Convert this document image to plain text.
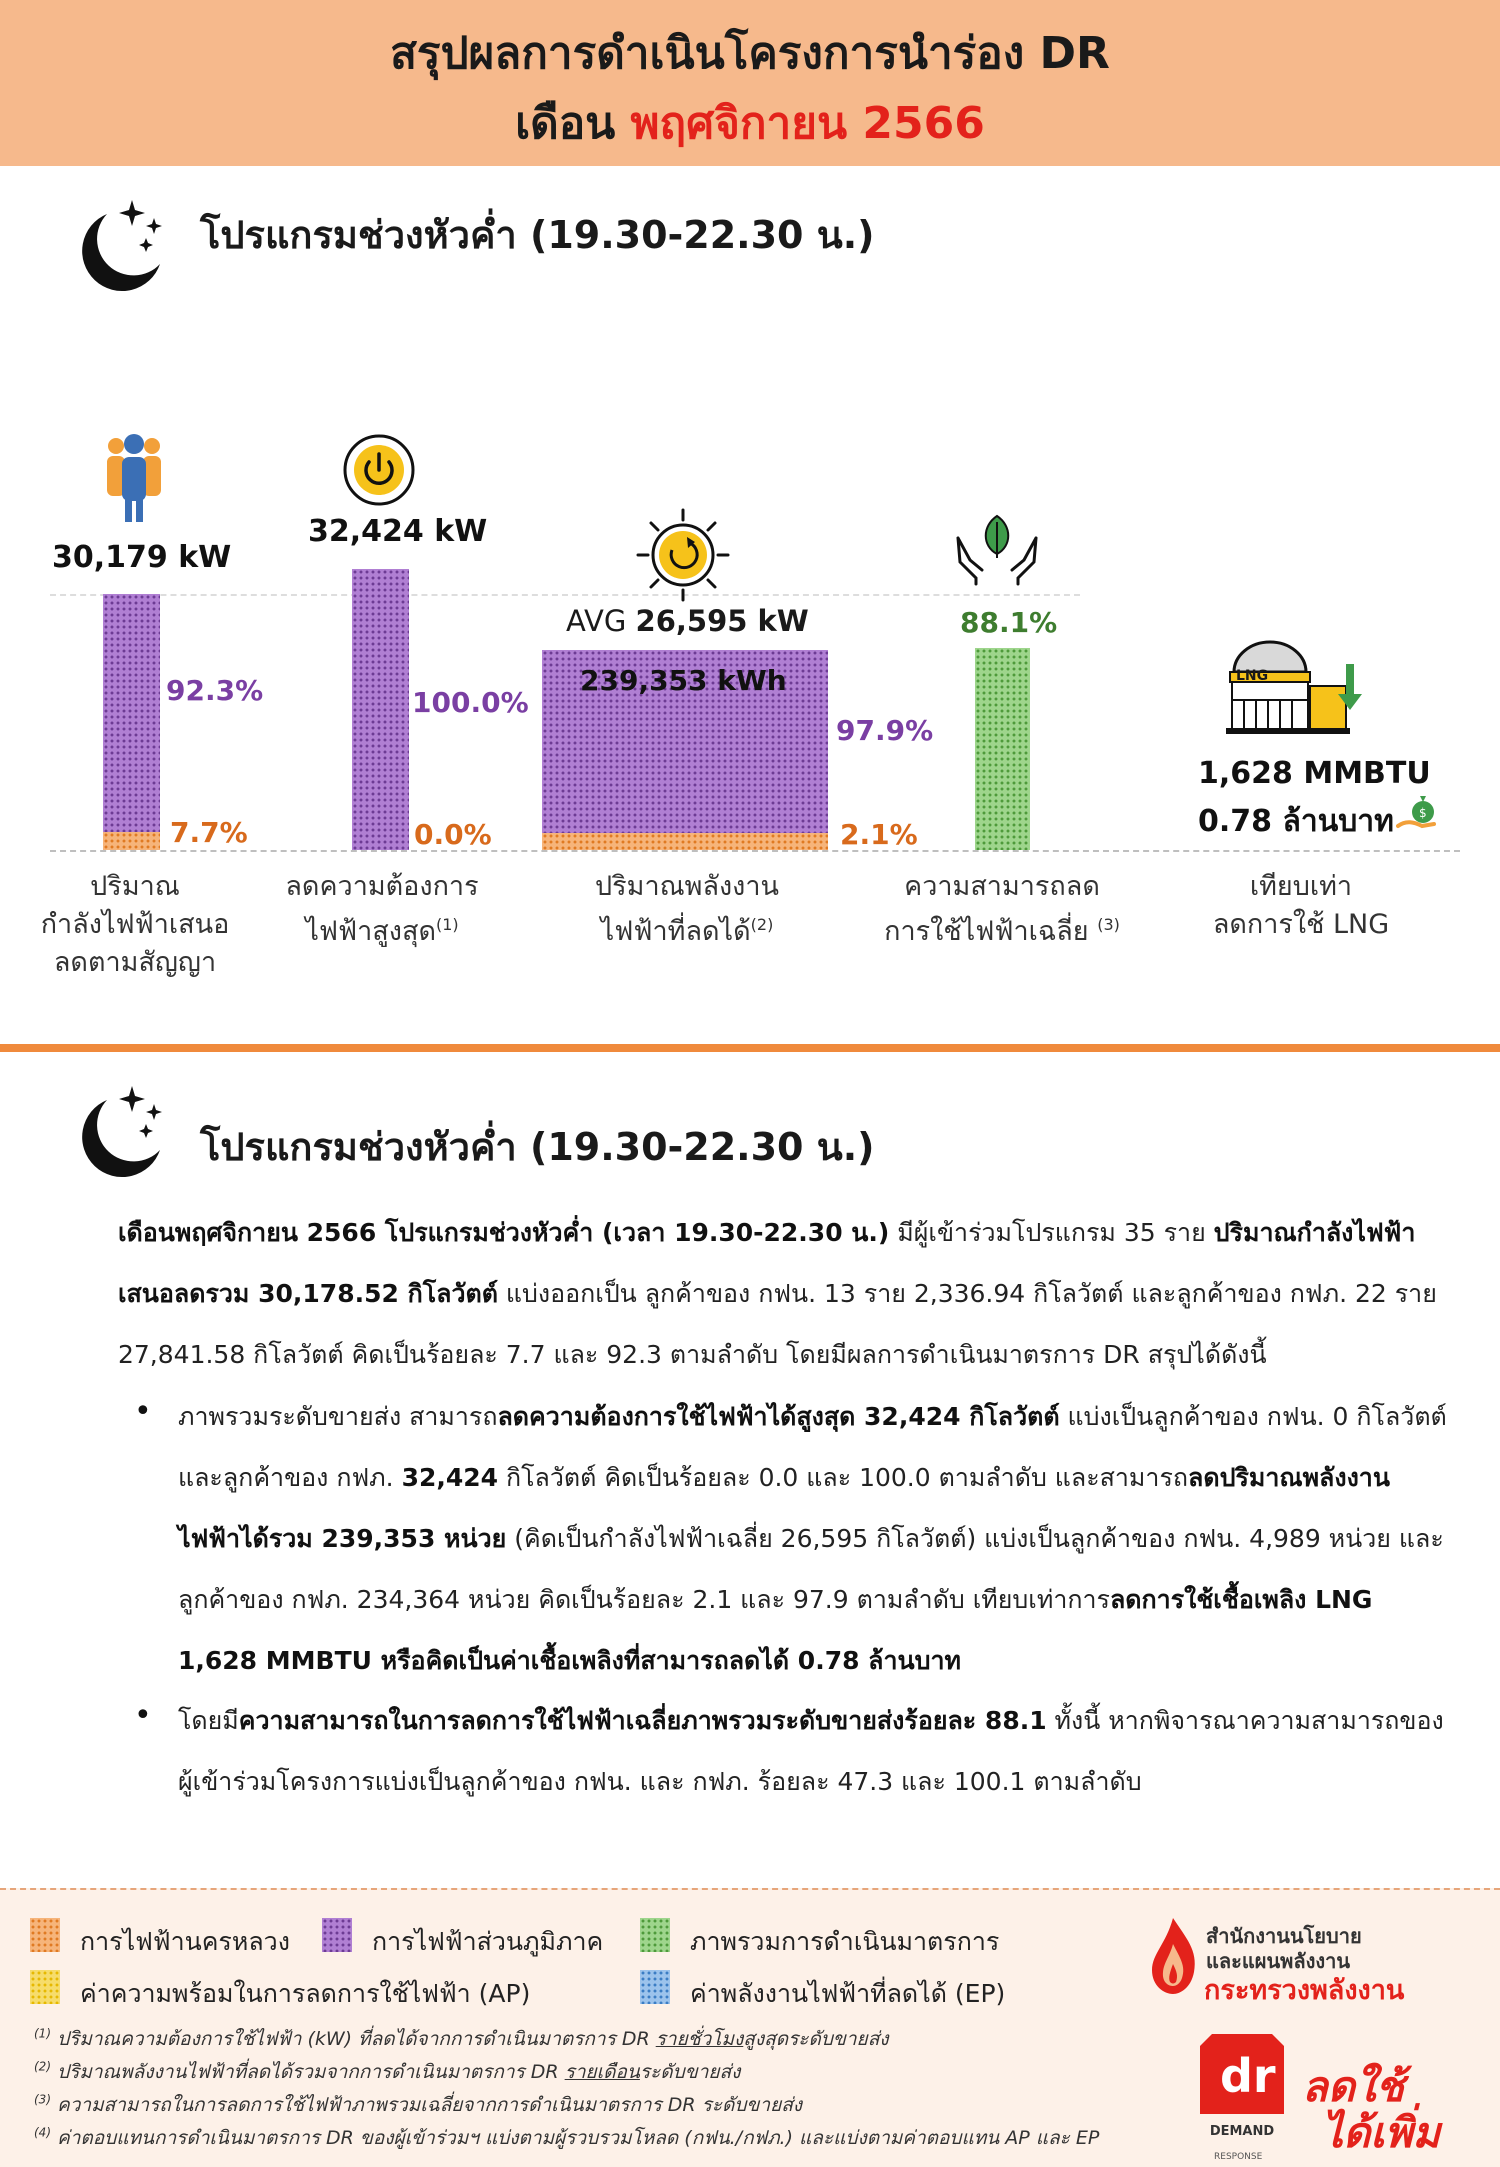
สรุปผลการดำเนินโครงการนำร่อง DR
เดือน พฤศจิกายน 2566
โปรแกรมช่วงหัวค่ำ (19.30-22.30 น.)
30,179 kW
92.3%
7.7%
ปริมาณ
กำลังไฟฟ้าเสนอ
ลดตามสัญญา
32,424 kW
100.0%
0.0%
ลดความต้องการ
ไฟฟ้าสูงสุด$^{(1)}$
AVG 26,595 kW
239,353 kWh
97.9%
2.1%
ปริมาณพลังงาน
ไฟฟ้าที่ลดได้$^{(2)}$
88.1%
ความสามารถลด
การใช้ไฟฟ้าเฉลี่ย $^{(3)}$
LNG
1,628 MMBTU
0.78 ล้านบาท $
เทียบเท่า
ลดการใช้ LNG
โปรแกรมช่วงหัวค่ำ (19.30-22.30 น.)
เดือนพฤศจิกายน 2566 โปรแกรมช่วงหัวค่ำ (เวลา 19.30-22.30 น.) มีผู้เข้าร่วมโปรแกรม 35 ราย ปริมาณกำลังไฟฟ้าเสนอลดรวม 30,178.52 กิโลวัตต์ แบ่งออกเป็น ลูกค้าของ กฟน. 13 ราย 2,336.94 กิโลวัตต์ และลูกค้าของ กฟภ. 22 ราย 27,841.58 กิโลวัตต์ คิดเป็นร้อยละ 7.7 และ 92.3 ตามลำดับ โดยมีผลการดำเนินมาตรการ DR สรุปได้ดังนี้
• ภาพรวมระดับขายส่ง สามารถลดความต้องการใช้ไฟฟ้าได้สูงสุด 32,424 กิโลวัตต์ แบ่งเป็นลูกค้าของ กฟน. 0 กิโลวัตต์ และลูกค้าของ กฟภ. 32,424 กิโลวัตต์ คิดเป็นร้อยละ 0.0 และ 100.0 ตามลำดับ และสามารถลดปริมาณพลังงานไฟฟ้าได้รวม 239,353 หน่วย (คิดเป็นกำลังไฟฟ้าเฉลี่ย 26,595 กิโลวัตต์) แบ่งเป็นลูกค้าของ กฟน. 4,989 หน่วย และลูกค้าของ กฟภ. 234,364 หน่วย คิดเป็นร้อยละ 2.1 และ 97.9 ตามลำดับ เทียบเท่าการลดการใช้เชื้อเพลิง LNG 1,628 MMBTU หรือคิดเป็นค่าเชื้อเพลิงที่สามารถลดได้ 0.78 ล้านบาท
• โดยมีความสามารถในการลดการใช้ไฟฟ้าเฉลี่ยภาพรวมระดับขายส่งร้อยละ 88.1 ทั้งนี้ หากพิจารณาความสามารถของผู้เข้าร่วมโครงการแบ่งเป็นลูกค้าของ กฟน. และ กฟภ. ร้อยละ 47.3 และ 100.1 ตามลำดับ
การไฟฟ้านครหลวง	การไฟฟ้าส่วนภูมิภาค	ภาพรวมการดำเนินมาตรการ
ค่าความพร้อมในการลดการใช้ไฟฟ้า (AP)	ค่าพลังงานไฟฟ้าที่ลดได้ (EP)
$^{(1)}$ ปริมาณความต้องการใช้ไฟฟ้า (kW) ที่ลดได้จากการดำเนินมาตรการ DR รายชั่วโมงสูงสุดระดับขายส่ง
$^{(2)}$ ปริมาณพลังงานไฟฟ้าที่ลดได้รวมจากการดำเนินมาตรการ DR รายเดือนระดับขายส่ง
$^{(3)}$ ความสามารถในการลดการใช้ไฟฟ้าภาพรวมเฉลี่ยจากการดำเนินมาตรการ DR ระดับขายส่ง
$^{(4)}$ ค่าตอบแทนการดำเนินมาตรการ DR ของผู้เข้าร่วมฯ แบ่งตามผู้รวบรวมโหลด (กฟน./กฟภ.) และแบ่งตามค่าตอบแทน AP และ EP
สำนักงานนโยบาย
และแผนพลังงาน
กระทรวงพลังงาน
dr
DEMAND
RESPONSE
ลดใช้
ได้เพิ่ม
